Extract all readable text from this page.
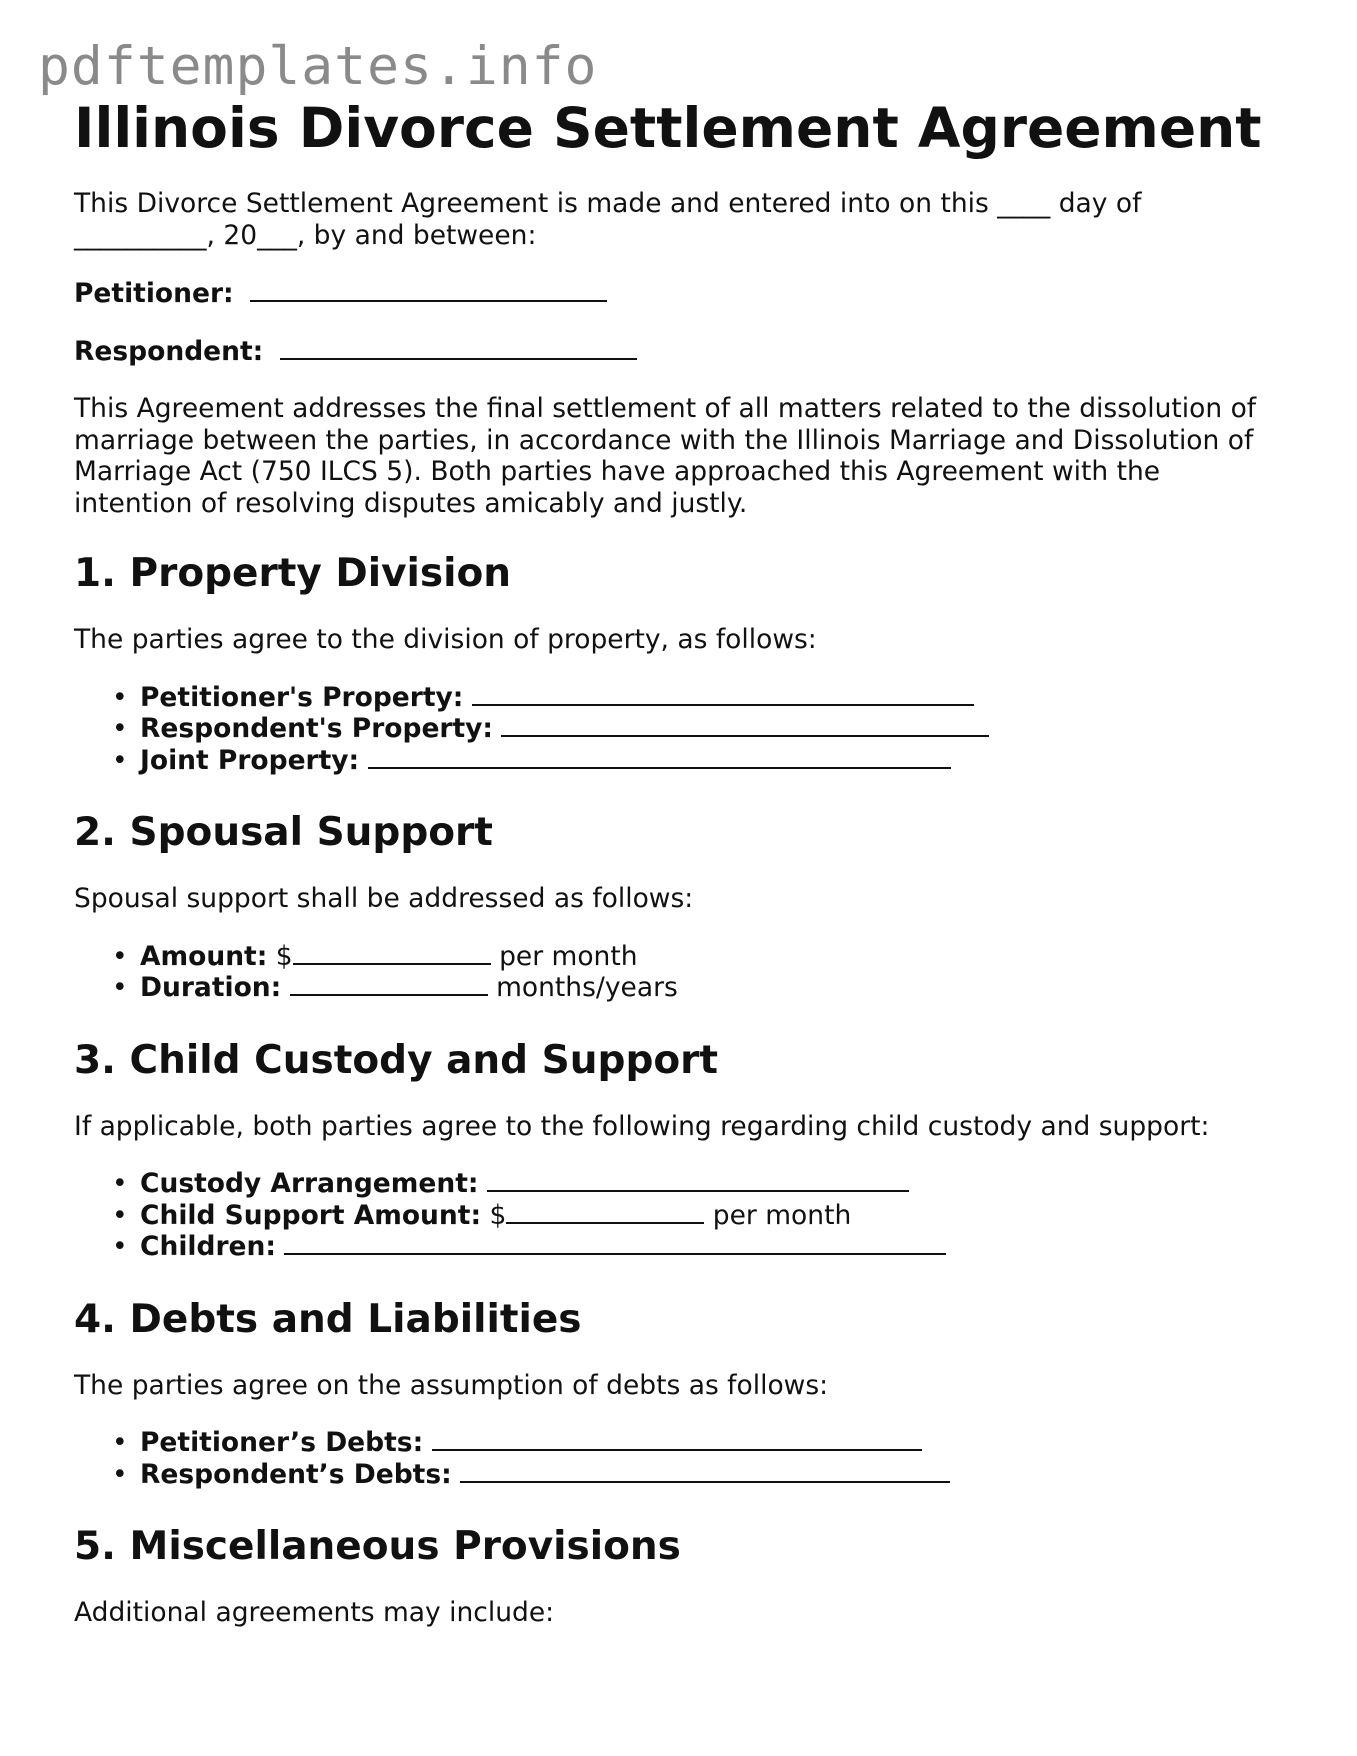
pdftemplates.info
Illinois Divorce Settlement Agreement

This Divorce Settlement Agreement is made and entered into on this ____ day of
__________, 20___, by and between:

Petitioner:

Respondent:

This Agreement addresses the final settlement of all matters related to the dissolution of marriage between the parties, in accordance with the Illinois Marriage and Dissolution of Marriage Act (750 ILCS 5). Both parties have approached this Agreement with the intention of resolving disputes amicably and justly.

1. Property Division

The parties agree to the division of property, as follows:

• Petitioner's Property:
• Respondent's Property:
• Joint Property:
2. Spousal Support

Spousal support shall be addressed as follows:

• Amount: $	per month
• Duration:	months/years
3. Child Custody and Support

If applicable, both parties agree to the following regarding child custody and support:

• Custody Arrangement:
• Child Support Amount: $	per month
• Children:
4. Debts and Liabilities

The parties agree on the assumption of debts as follows:

• Petitioner’s Debts:
• Respondent’s Debts:
5. Miscellaneous Provisions

Additional agreements may include:
